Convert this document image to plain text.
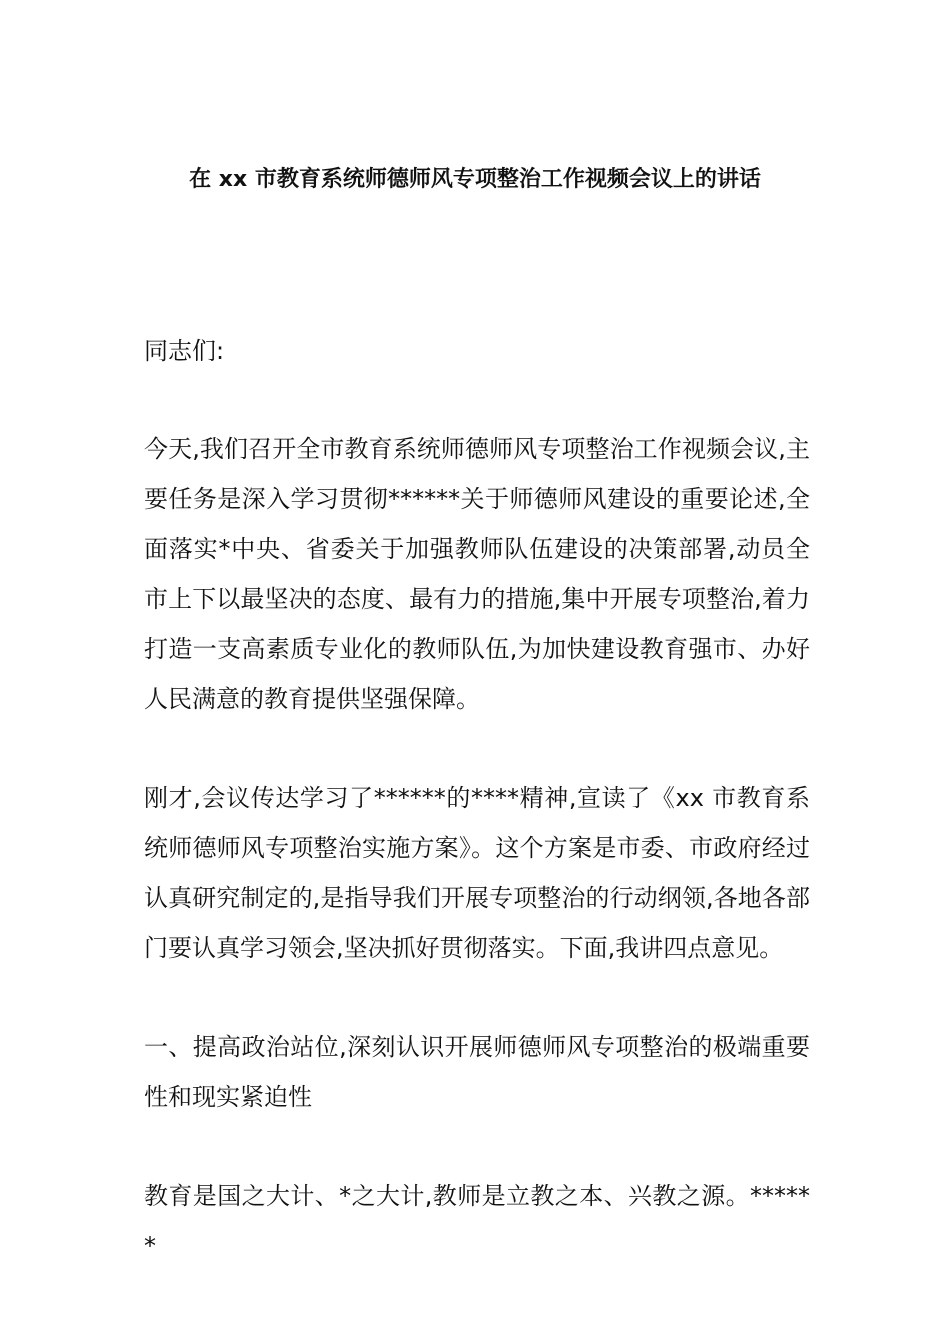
在 xx 市教育系统师德师风专项整治工作视频会议上的讲话

同志们:

今天,我们召开全市教育系统师德师风专项整治工作视频会议,主要任务是深入学习贯彻******关于师德师风建设的重要论述,全面落实*中央、省委关于加强教师队伍建设的决策部署,动员全市上下以最坚决的态度、最有力的措施,集中开展专项整治,着力打造一支高素质专业化的教师队伍,为加快建设教育强市、办好人民满意的教育提供坚强保障。

刚才,会议传达学习了******的****精神,宣读了《xx 市教育系统师德师风专项整治实施方案》。这个方案是市委、市政府经过认真研究制定的,是指导我们开展专项整治的行动纲领,各地各部门要认真学习领会,坚决抓好贯彻落实。下面,我讲四点意见。

一、提高政治站位,深刻认识开展师德师风专项整治的极端重要性和现实紧迫性

教育是国之大计、*之大计,教师是立教之本、兴教之源。******
